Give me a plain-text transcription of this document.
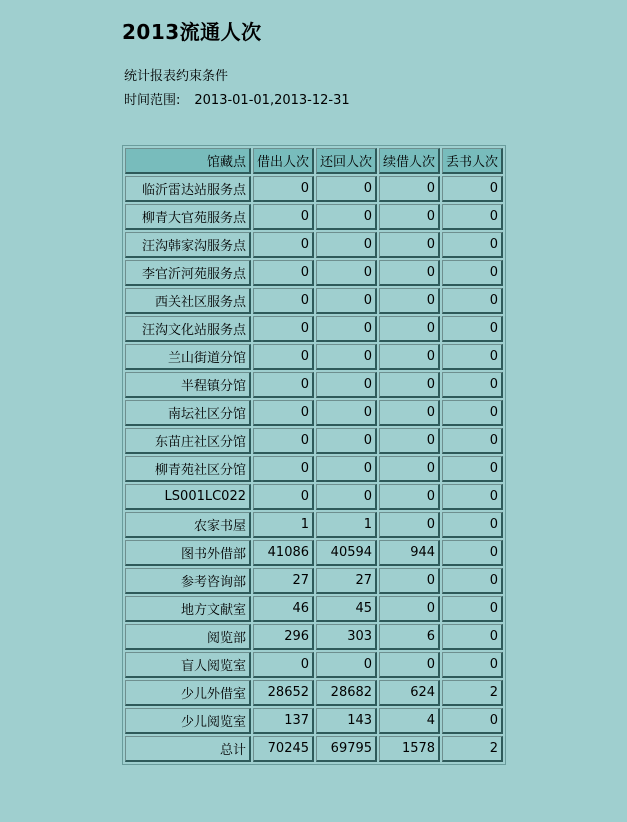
2013流通人次
统计报表约束条件
时间范围: 2013-01-01,2013-12-31
馆藏点	借出人次	还回人次	续借人次	丢书人次
临沂雷达站服务点	0	0	0	0
柳青大官苑服务点	0	0	0	0
汪沟韩家沟服务点	0	0	0	0
李官沂河苑服务点	0	0	0	0
西关社区服务点	0	0	0	0
汪沟文化站服务点	0	0	0	0
兰山街道分馆	0	0	0	0
半程镇分馆	0	0	0	0
南坛社区分馆	0	0	0	0
东苗庄社区分馆	0	0	0	0
柳青苑社区分馆	0	0	0	0
LS001LC022	0	0	0	0
农家书屋	1	1	0	0
图书外借部	41086	40594	944	0
参考咨询部	27	27	0	0
地方文献室	46	45	0	0
阅览部	296	303	6	0
盲人阅览室	0	0	0	0
少儿外借室	28652	28682	624	2
少儿阅览室	137	143	4	0
总计	70245	69795	1578	2
